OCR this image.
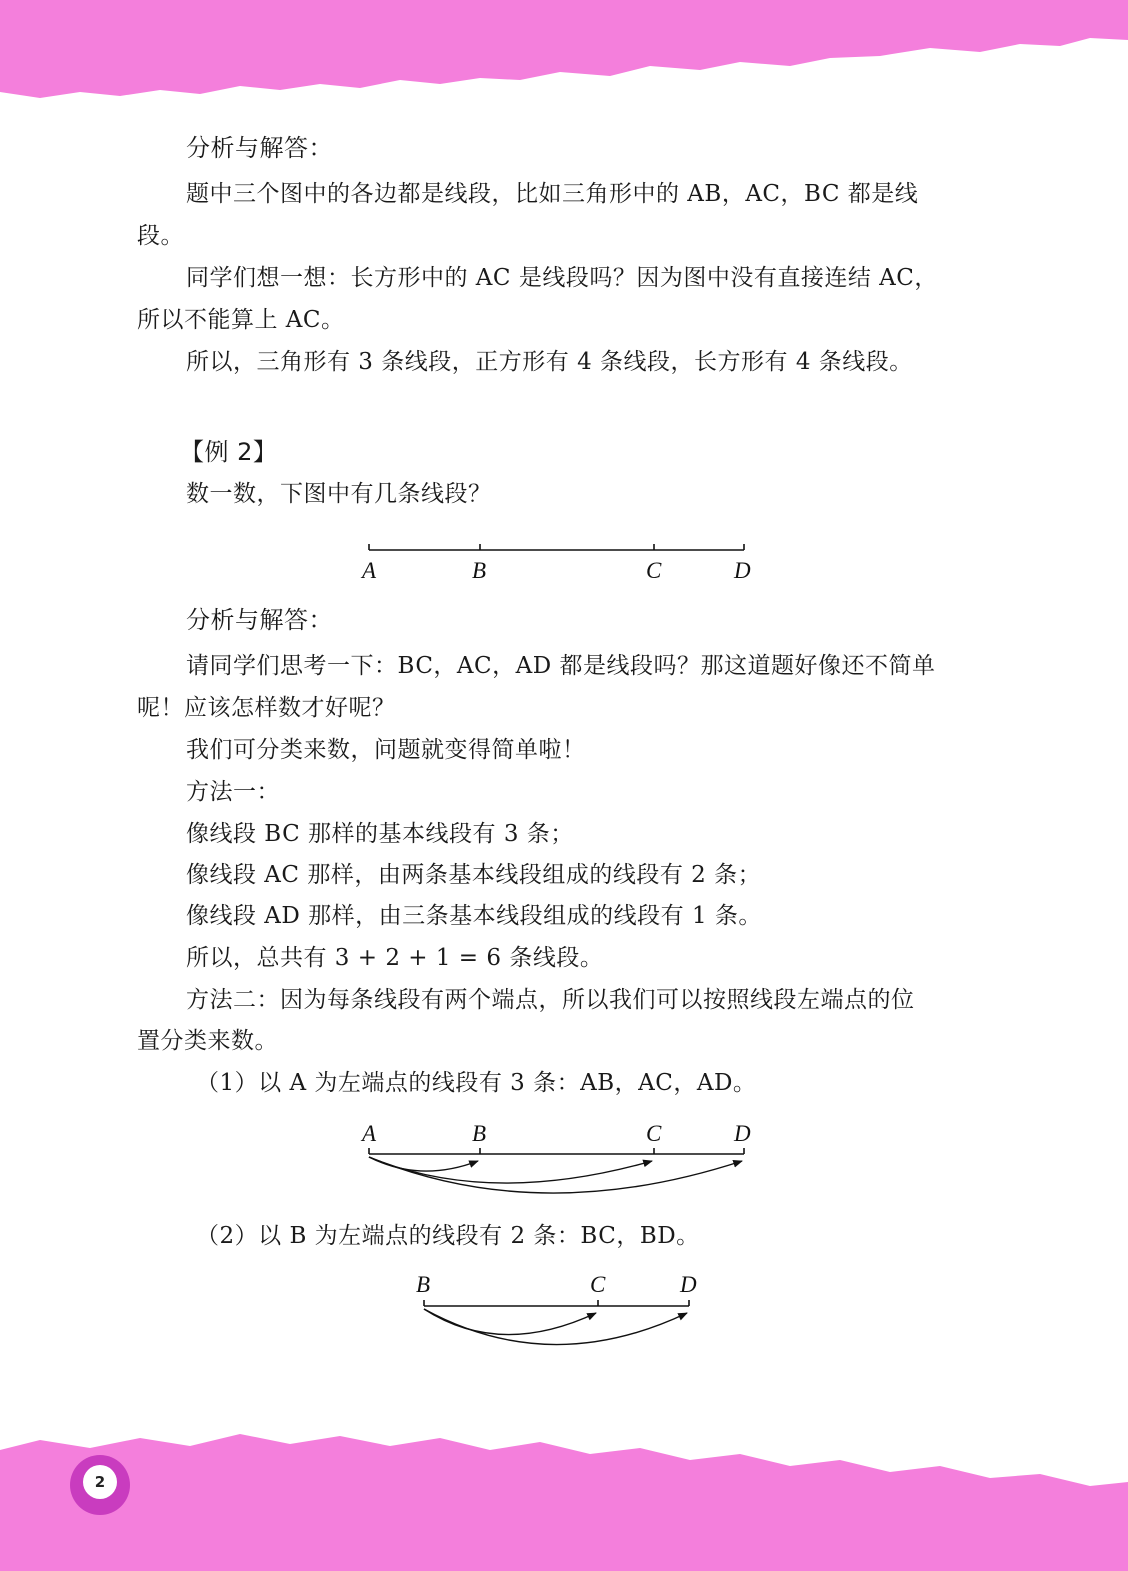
2

分析与解答：

题中三个图中的各边都是线段，比如三角形中的 AB，AC，BC 都是线

段。

同学们想一想：长方形中的 AC 是线段吗？因为图中没有直接连结 AC，

所以不能算上 AC。

所以，三角形有 3 条线段，正方形有 4 条线段，长方形有 4 条线段。

【例 2】

数一数，下图中有几条线段？

A	B	C	D

分析与解答：

请同学们思考一下：BC，AC，AD 都是线段吗？那这道题好像还不简单

呢！应该怎样数才好呢？

我们可分类来数，问题就变得简单啦！

方法一：

像线段 BC 那样的基本线段有 3 条；

像线段 AC 那样，由两条基本线段组成的线段有 2 条；

像线段 AD 那样，由三条基本线段组成的线段有 1 条。

所以，总共有 3 + 2 + 1 = 6 条线段。

方法二：因为每条线段有两个端点，所以我们可以按照线段左端点的位

置分类来数。

（1）以 A 为左端点的线段有 3 条：AB，AC，AD。

A	B	C	D

（2）以 B 为左端点的线段有 2 条：BC，BD。

B	C	D
